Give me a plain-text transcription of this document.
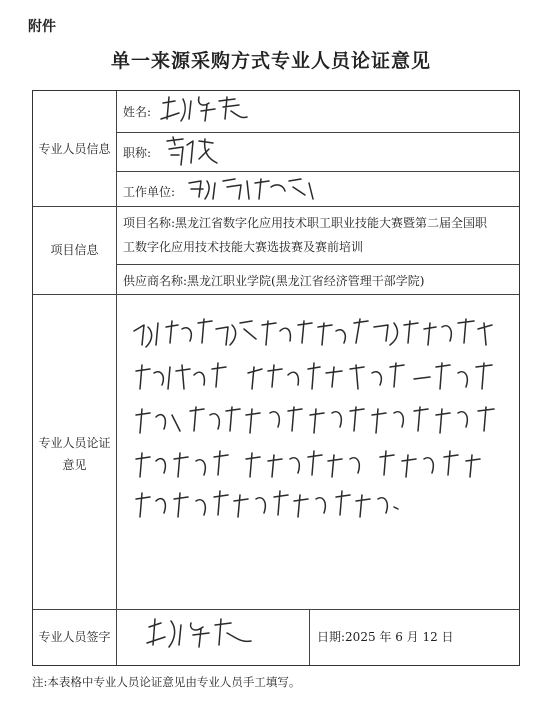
附件
单一来源采购方式专业人员论证意见
专业人员信息
姓名:
职称:
工作单位:
项目信息
项目名称:黑龙江省数字化应用技术职工职业技能大赛暨第二届全国职
工数字化应用技术技能大赛选拔赛及赛前培训
供应商名称:黑龙江职业学院(黑龙江省经济管理干部学院)
专业人员论证
意见
专业人员签字	日期:2025 年 6 月 12 日
注:本表格中专业人员论证意见由专业人员手工填写。
